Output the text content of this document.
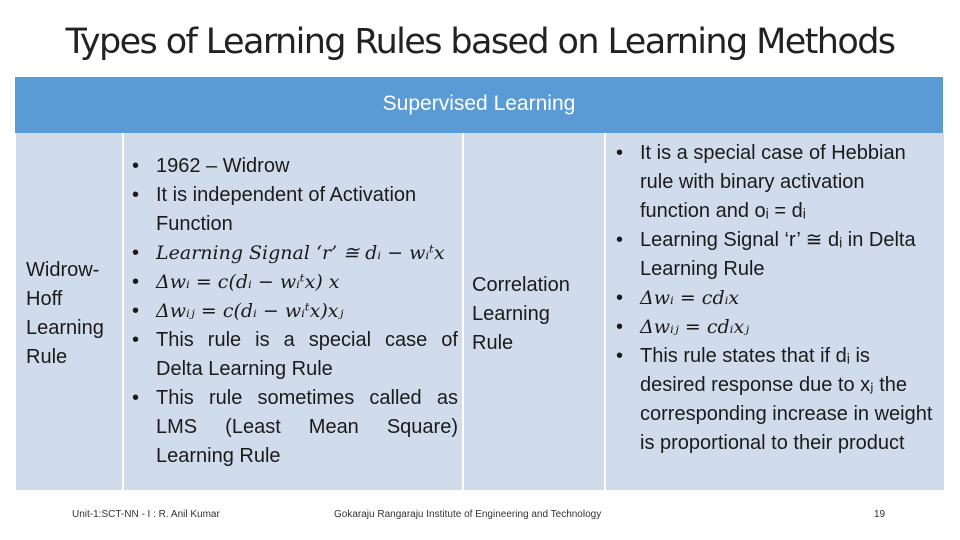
Types of Learning Rules based on Learning Methods
Supervised Learning
Widrow-
Hoff
Learning
Rule
• 1962 – Widrow
• It is independent of Activation Function
• Learning Signal ‘r’ ≅ dᵢ − wᵢᵗx
• Δwᵢ = c(dᵢ − wᵢᵗx) x
• Δwᵢⱼ = c(dᵢ − wᵢᵗx)xⱼ
• This rule is a special case of Delta Learning Rule
• This rule sometimes called as LMS (Least Mean Square) Learning Rule
Correlation
Learning
Rule
• It is a special case of Hebbian rule with binary activation function and oᵢ = dᵢ
• Learning Signal ‘r’ ≅ dᵢ in Delta Learning Rule
• Δwᵢ = cdᵢx
• Δwᵢⱼ = cdᵢxⱼ
• This rule states that if dᵢ is desired response due to xⱼ the corresponding increase in weight is proportional to their product
Unit-1:SCT-NN - I : R. Anil Kumar	Gokaraju Rangaraju Institute of Engineering and Technology	19
